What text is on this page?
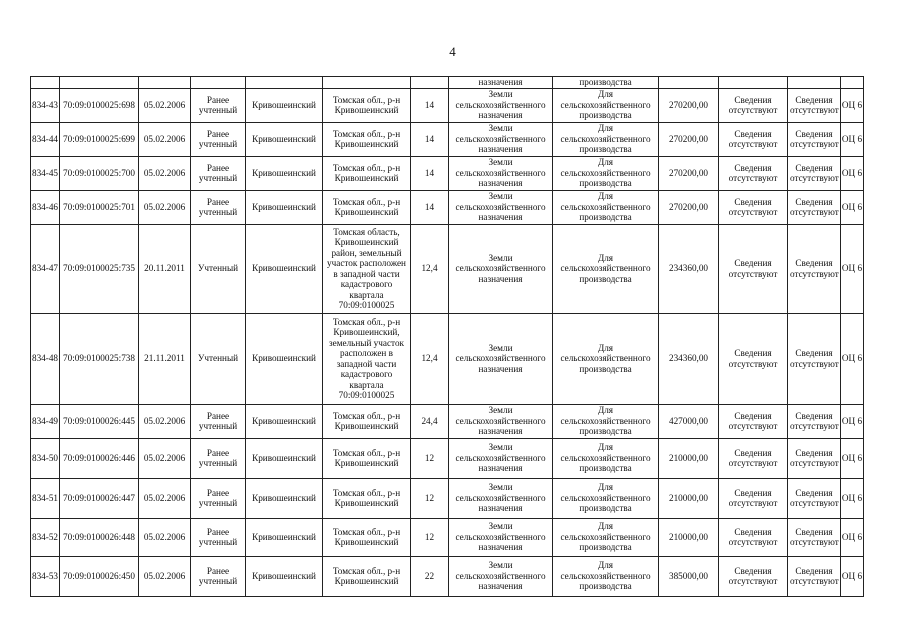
4
							назначения	производства				
834-43	70:09:0100025:698	05.02.2006	Ранее учтенный	Кривошеинский	Томская обл., р-н Кривошеинский	14	Земли сельскохозяйственного назначения	Для сельскохозяйственного производства	270200,00	Сведения отсутствуют	Сведения отсутствуют	ОЦ 6
834-44	70:09:0100025:699	05.02.2006	Ранее учтенный	Кривошеинский	Томская обл., р-н Кривошеинский	14	Земли сельскохозяйственного назначения	Для сельскохозяйственного производства	270200,00	Сведения отсутствуют	Сведения отсутствуют	ОЦ 6
834-45	70:09:0100025:700	05.02.2006	Ранее учтенный	Кривошеинский	Томская обл., р-н Кривошеинский	14	Земли сельскохозяйственного назначения	Для сельскохозяйственного производства	270200,00	Сведения отсутствуют	Сведения отсутствуют	ОЦ 6
834-46	70:09:0100025:701	05.02.2006	Ранее учтенный	Кривошеинский	Томская обл., р-н Кривошеинский	14	Земли сельскохозяйственного назначения	Для сельскохозяйственного производства	270200,00	Сведения отсутствуют	Сведения отсутствуют	ОЦ 6
834-47	70:09:0100025:735	20.11.2011	Учтенный	Кривошеинский	Томская область, Кривошеинский район, земельный участок расположен в западной части кадастрового квартала 70:09:0100025	12,4	Земли сельскохозяйственного назначения	Для сельскохозяйственного производства	234360,00	Сведения отсутствуют	Сведения отсутствуют	ОЦ 6
834-48	70:09:0100025:738	21.11.2011	Учтенный	Кривошеинский	Томская обл., р-н Кривошеинский, земельный участок расположен в западной части кадастрового квартала 70:09:0100025	12,4	Земли сельскохозяйственного назначения	Для сельскохозяйственного производства	234360,00	Сведения отсутствуют	Сведения отсутствуют	ОЦ 6
834-49	70:09:0100026:445	05.02.2006	Ранее учтенный	Кривошеинский	Томская обл., р-н Кривошеинский	24,4	Земли сельскохозяйственного назначения	Для сельскохозяйственного производства	427000,00	Сведения отсутствуют	Сведения отсутствуют	ОЦ 6
834-50	70:09:0100026:446	05.02.2006	Ранее учтенный	Кривошеинский	Томская обл., р-н Кривошеинский	12	Земли сельскохозяйственного назначения	Для сельскохозяйственного производства	210000,00	Сведения отсутствуют	Сведения отсутствуют	ОЦ 6
834-51	70:09:0100026:447	05.02.2006	Ранее учтенный	Кривошеинский	Томская обл., р-н Кривошеинский	12	Земли сельскохозяйственного назначения	Для сельскохозяйственного производства	210000,00	Сведения отсутствуют	Сведения отсутствуют	ОЦ 6
834-52	70:09:0100026:448	05.02.2006	Ранее учтенный	Кривошеинский	Томская обл., р-н Кривошеинский	12	Земли сельскохозяйственного назначения	Для сельскохозяйственного производства	210000,00	Сведения отсутствуют	Сведения отсутствуют	ОЦ 6
834-53	70:09:0100026:450	05.02.2006	Ранее учтенный	Кривошеинский	Томская обл., р-н Кривошеинский	22	Земли сельскохозяйственного назначения	Для сельскохозяйственного производства	385000,00	Сведения отсутствуют	Сведения отсутствуют	ОЦ 6
